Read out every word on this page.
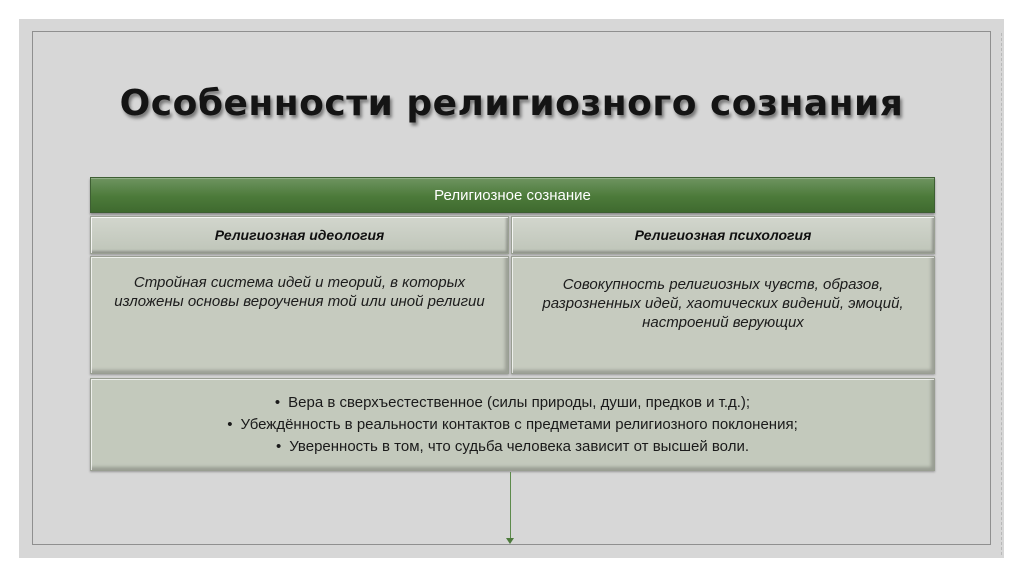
Особенности религиозного сознания
Религиозное сознание
Религиозная идеология	Религиозная психология
Стройная система идей и теорий, в которых изложены основы вероучения той или иной религии
Совокупность религиозных чувств, образов, разрозненных идей, хаотических видений, эмоций, настроений верующих
• Вера в сверхъестественное (силы природы, души, предков и т.д.);
• Убеждённость в реальности контактов с предметами религиозного поклонения;
• Уверенность в том, что судьба человека зависит от высшей воли.
